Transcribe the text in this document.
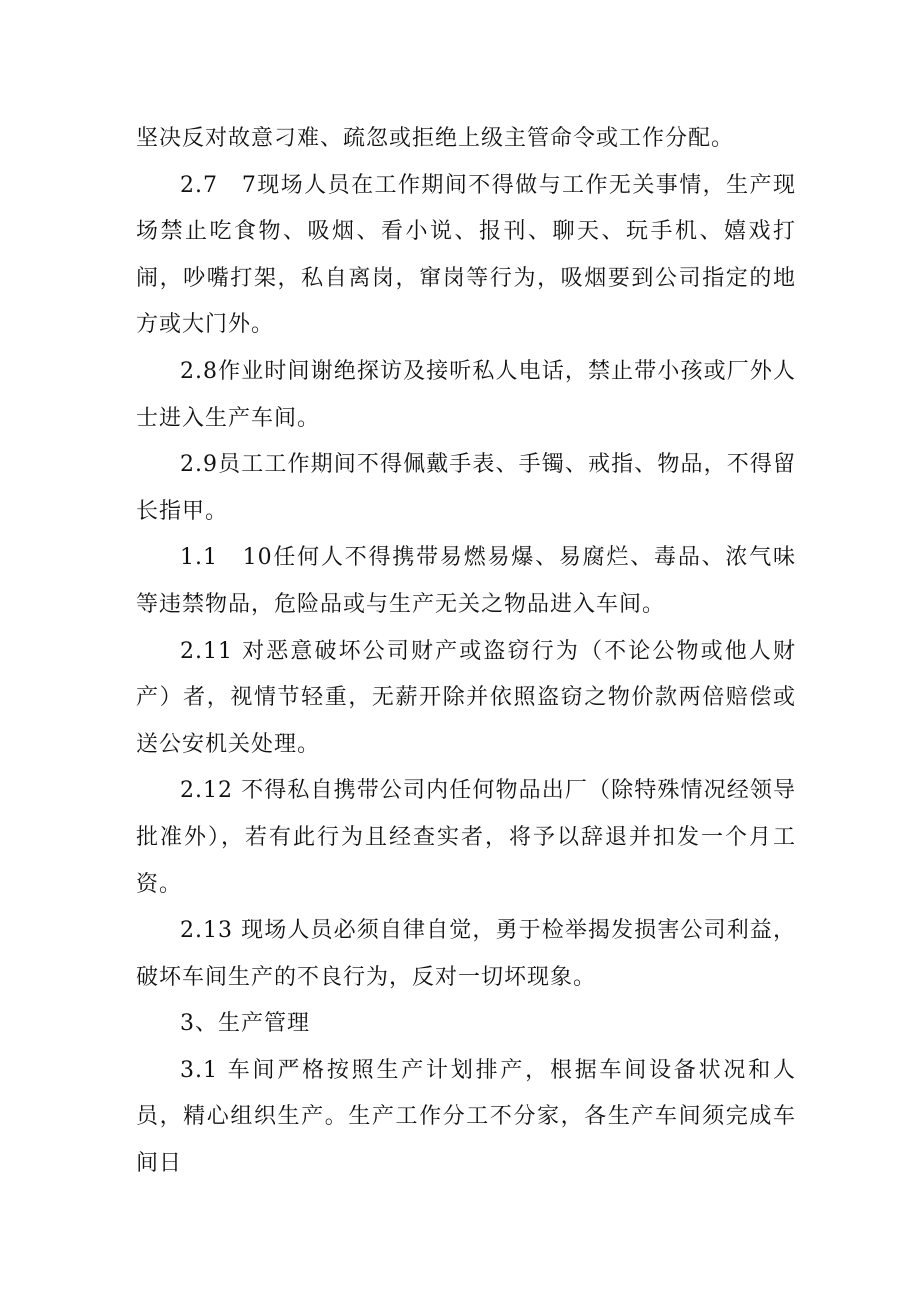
坚决反对故意刁难、疏忽或拒绝上级主管命令或工作分配。

2.7　7现场人员在工作期间不得做与工作无关事情，生产现场禁止吃食物、吸烟、看小说、报刊、聊天、玩手机、嬉戏打闹，吵嘴打架，私自离岗，窜岗等行为，吸烟要到公司指定的地方或大门外。

2.8作业时间谢绝探访及接听私人电话，禁止带小孩或厂外人士进入生产车间。

2.9员工工作期间不得佩戴手表、手镯、戒指、物品，不得留长指甲。

1.1　10任何人不得携带易燃易爆、易腐烂、毒品、浓气味等违禁物品，危险品或与生产无关之物品进入车间。

2.11 对恶意破坏公司财产或盗窃行为（不论公物或他人财产）者，视情节轻重，无薪开除并依照盗窃之物价款两倍赔偿或送公安机关处理。

2.12 不得私自携带公司内任何物品出厂（除特殊情况经领导批准外），若有此行为且经查实者，将予以辞退并扣发一个月工资。

2.13 现场人员必须自律自觉，勇于检举揭发损害公司利益，破坏车间生产的不良行为，反对一切坏现象。

3、生产管理

3.1 车间严格按照生产计划排产，根据车间设备状况和人员，精心组织生产。生产工作分工不分家，各生产车间须完成车间日
